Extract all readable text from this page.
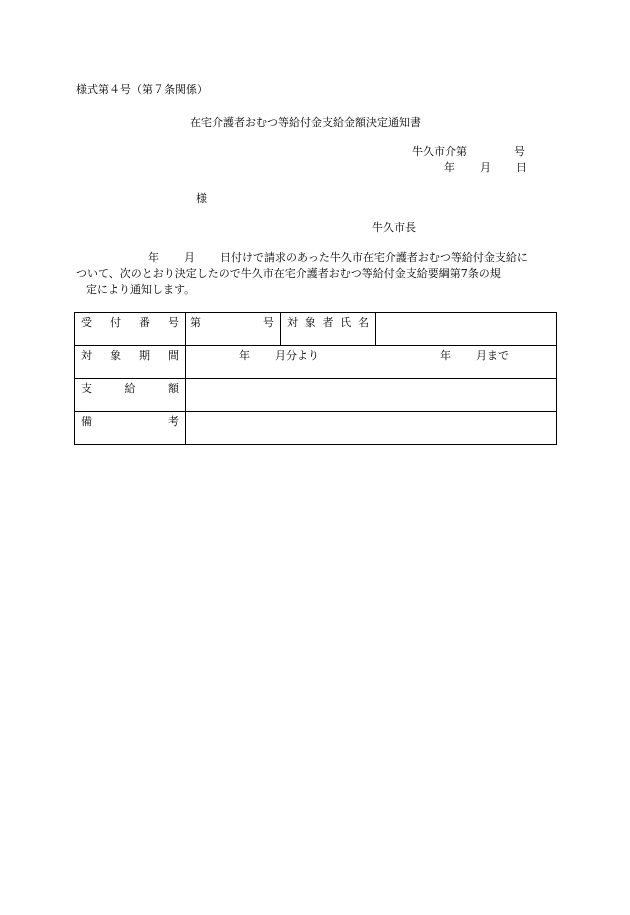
様式第４号（第７条関係）
在宅介護者おむつ等給付金支給金額決定通知書
牛久市介第	号
年 月 日
様
牛久市長
年 月 日付けで請求のあった牛久市在宅介護者おむつ等給付金支給に
ついて、次のとおり決定したので牛久市在宅介護者おむつ等給付金支給要綱第7条の規
定により通知します。
受 付 番 号	第 号	対 象 者 氏 名	

対 象 期 間	年 月分より 年 月まで		

支 給 額			

備 考			
